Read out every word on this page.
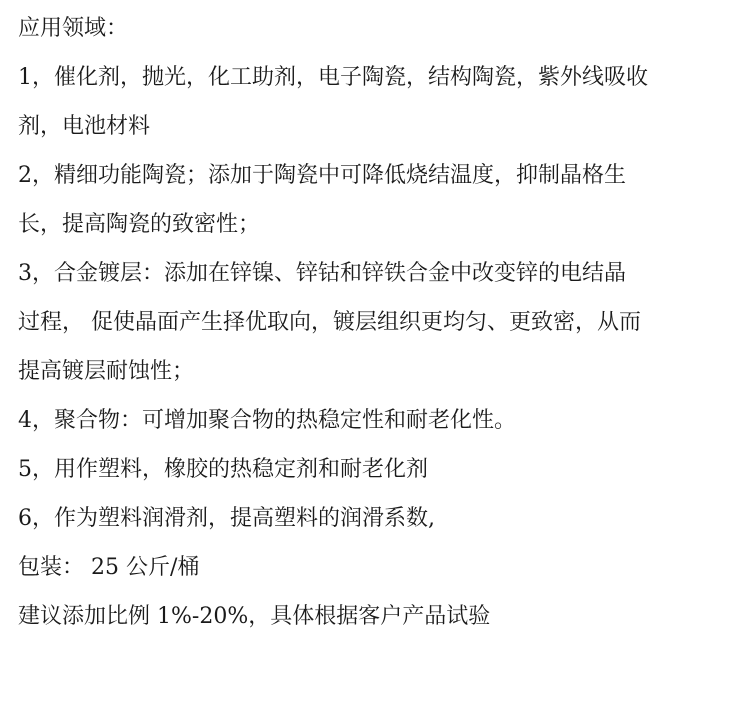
应用领域：
1，催化剂，抛光，化工助剂，电子陶瓷，结构陶瓷，紫外线吸收
剂，电池材料
2，精细功能陶瓷；添加于陶瓷中可降低烧结温度，抑制晶格生
长，提高陶瓷的致密性；
3，合金镀层：添加在锌镍、锌钴和锌铁合金中改变锌的电结晶
过程， 促使晶面产生择优取向，镀层组织更均匀、更致密，从而
提高镀层耐蚀性；
4，聚合物：可增加聚合物的热稳定性和耐老化性。
5，用作塑料，橡胶的热稳定剂和耐老化剂
6，作为塑料润滑剂，提高塑料的润滑系数,
包装： 25 公斤/桶
建议添加比例 1%-20%，具体根据客户产品试验
